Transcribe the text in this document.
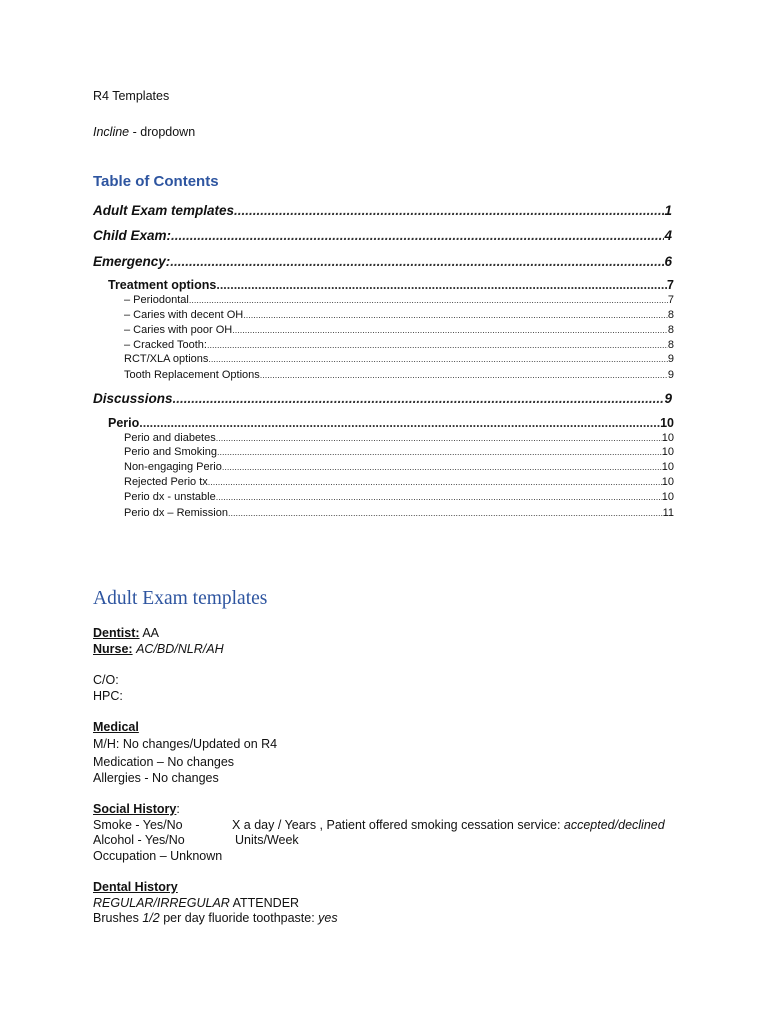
R4 Templates
Incline - dropdown
Table of Contents
Adult Exam templates .....	1
Child Exam: .....	4
Emergency: .....	6
Treatment options .....	7
– Periodontal .....	7
– Caries with decent OH .....	8
– Caries with poor OH .....	8
– Cracked Tooth: .....	8
RCT/XLA options .....	9
Tooth Replacement Options .....	9
Discussions .....	9
Perio .....	10
Perio and diabetes .....	10
Perio and Smoking .....	10
Non-engaging Perio .....	10
Rejected Perio tx .....	10
Perio dx - unstable .....	10
Perio dx – Remission .....	11
Adult Exam templates
Dentist: AA
Nurse: AC/BD/NLR/AH
C/O:
HPC:
Medical
M/H: No changes/Updated on R4
Medication – No changes
Allergies - No changes
Social History:
Smoke - Yes/No	X a day / Years , Patient offered smoking cessation service: accepted/declined
Alcohol - Yes/No	Units/Week
Occupation – Unknown
Dental History
REGULAR/IRREGULAR ATTENDER
Brushes 1/2 per day fluoride toothpaste: yes
